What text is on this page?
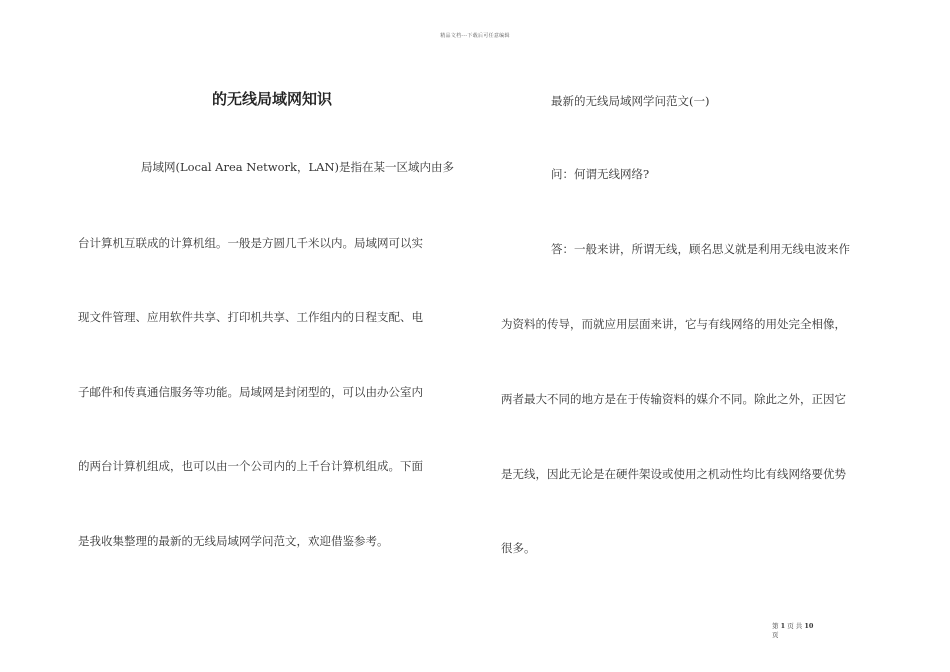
精品文档---下载后可任意编辑
的无线局域网知识
局域网(Local Area Network，LAN)是指在某一区域内由多
台计算机互联成的计算机组。一般是方圆几千米以内。局域网可以实
现文件管理、应用软件共享、打印机共享、工作组内的日程支配、电
子邮件和传真通信服务等功能。局域网是封闭型的，可以由办公室内
的两台计算机组成，也可以由一个公司内的上千台计算机组成。下面
是我收集整理的最新的无线局域网学问范文，欢迎借鉴参考。
最新的无线局域网学问范文(一)
问：何谓无线网络?
答：一般来讲，所谓无线，顾名思义就是利用无线电波来作
为资料的传导，而就应用层面来讲，它与有线网络的用处完全相像，
两者最大不同的地方是在于传输资料的媒介不同。除此之外，正因它
是无线，因此无论是在硬件架设或使用之机动性均比有线网络要优势
很多。
第 1 页 共 10
页
